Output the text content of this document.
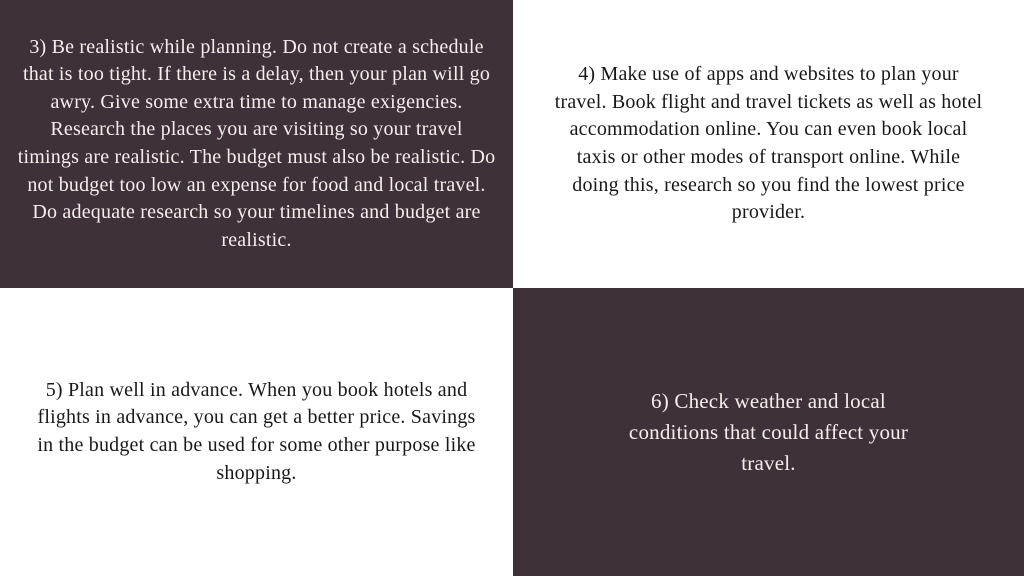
3) Be realistic while planning. Do not create a schedule that is too tight. If there is a delay, then your plan will go awry. Give some extra time to manage exigencies. Research the places you are visiting so your travel timings are realistic. The budget must also be realistic. Do not budget too low an expense for food and local travel. Do adequate research so your timelines and budget are realistic.

4) Make use of apps and websites to plan your travel. Book flight and travel tickets as well as hotel accommodation online. You can even book local taxis or other modes of transport online. While doing this, research so you find the lowest price provider.

5) Plan well in advance. When you book hotels and flights in advance, you can get a better price. Savings in the budget can be used for some other purpose like shopping.

6) Check weather and local conditions that could affect your travel.
